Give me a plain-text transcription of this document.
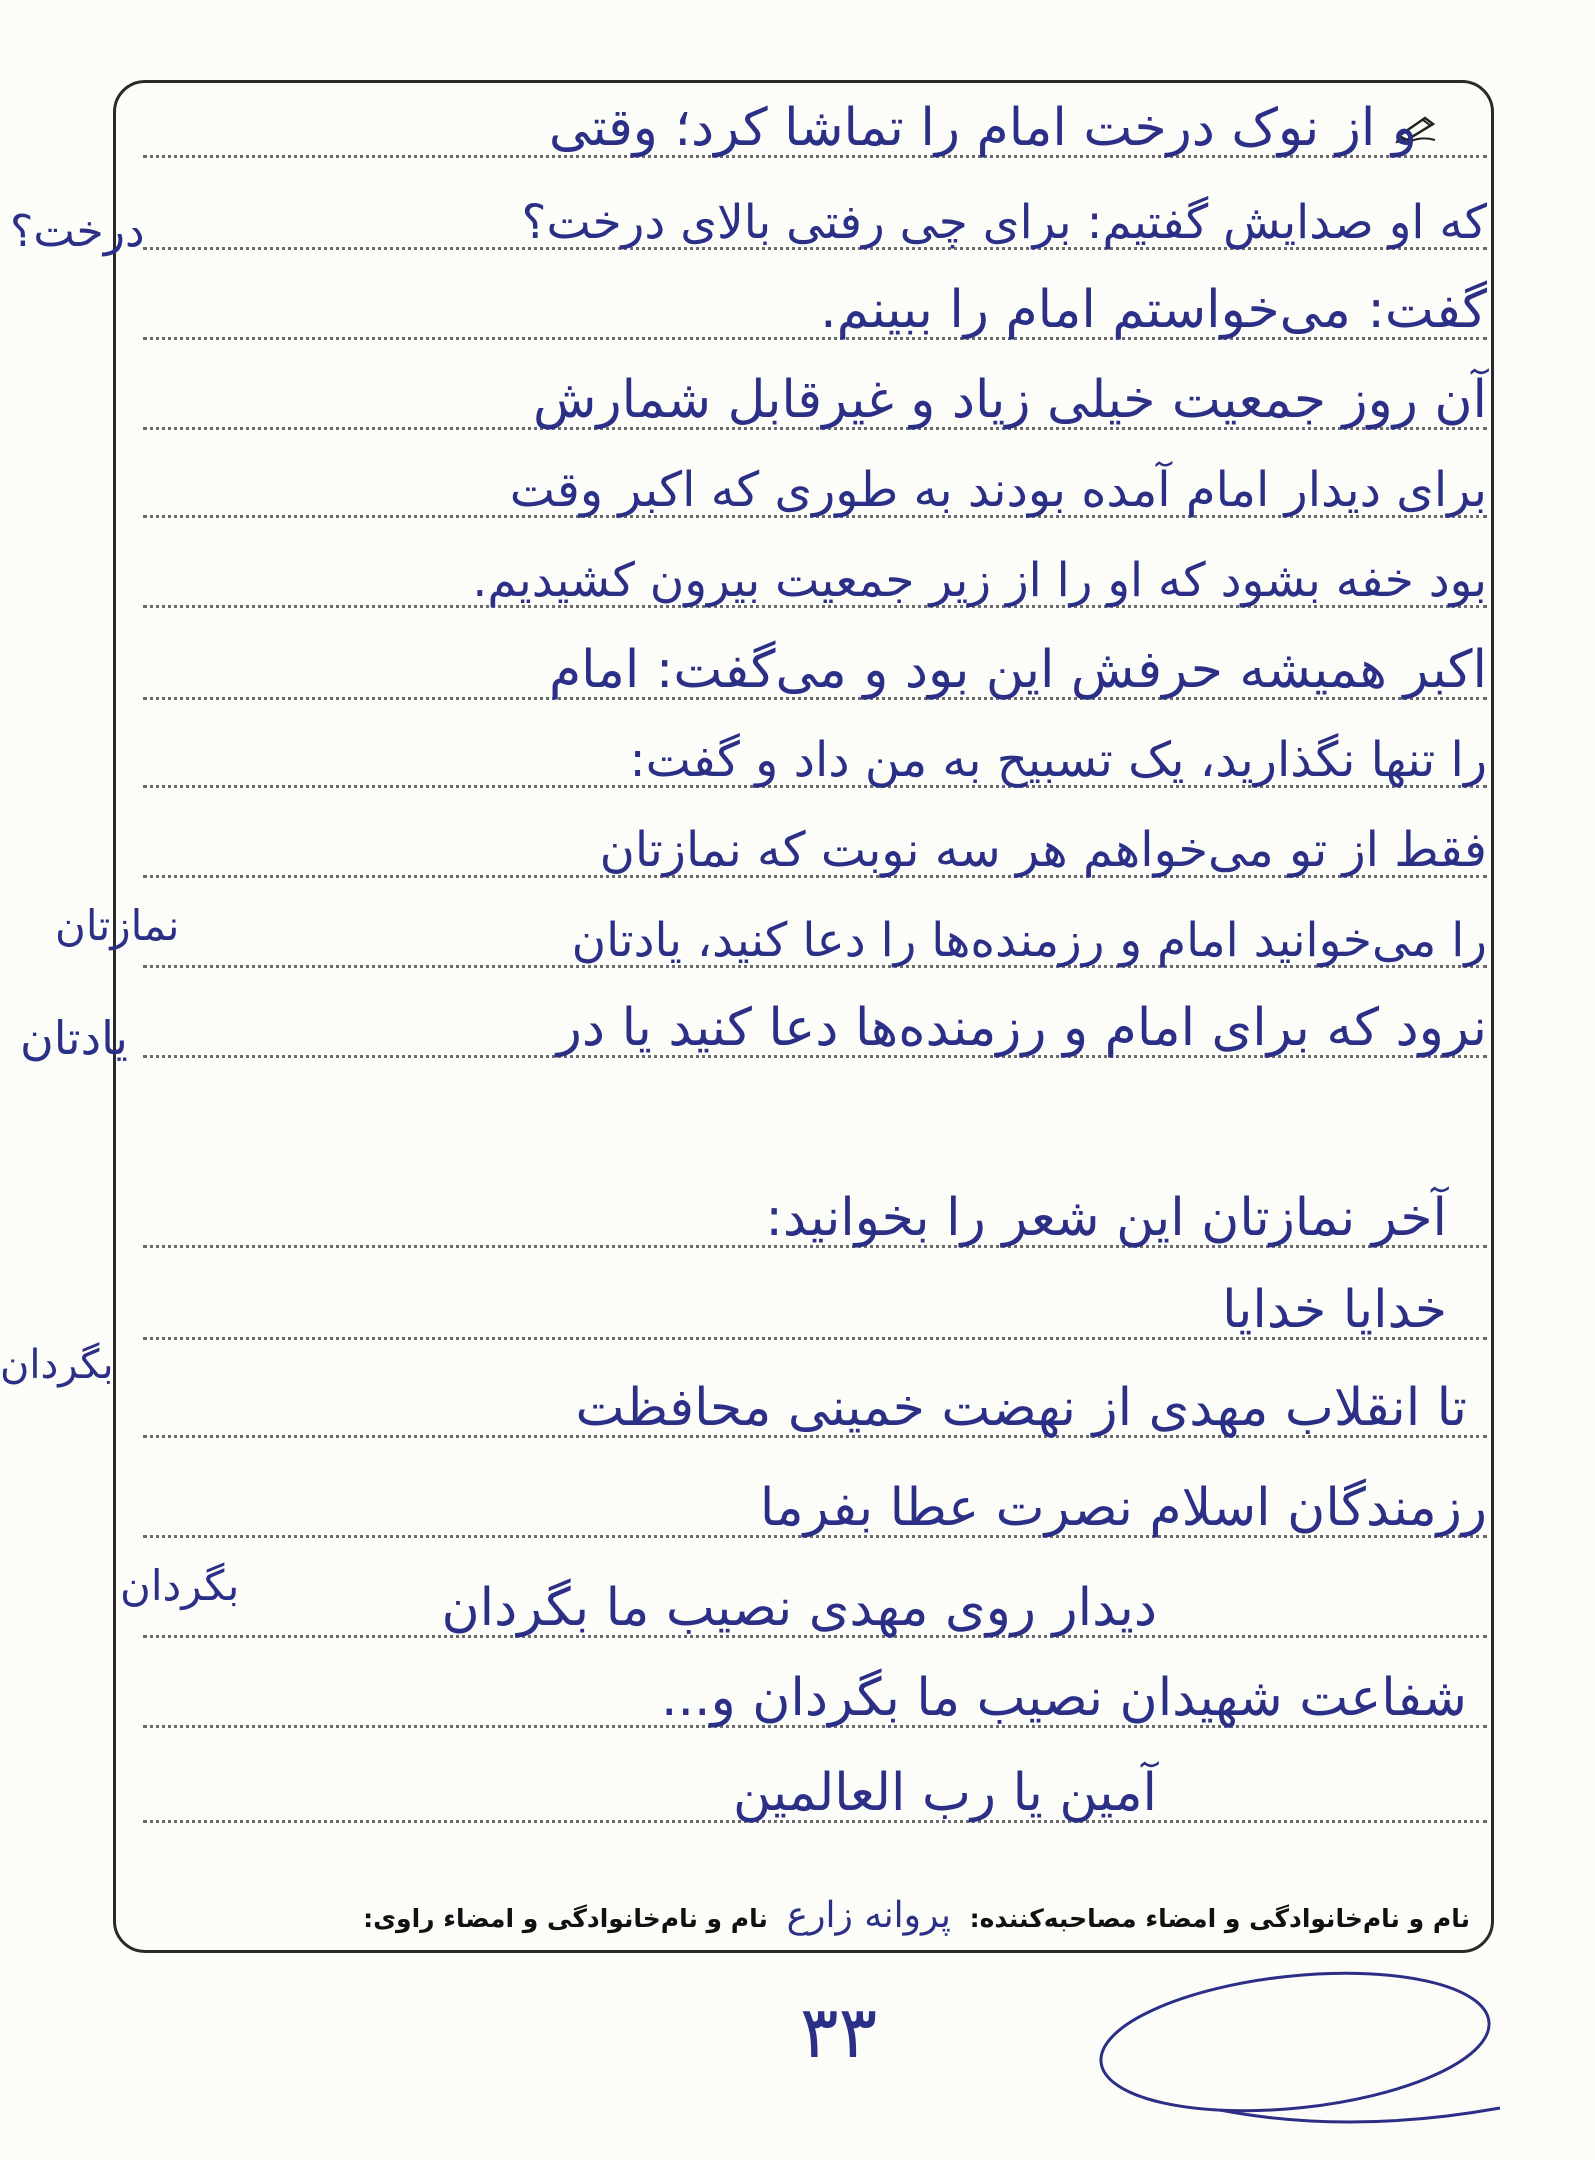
و از نوک درخت امام را تماشا کرد؛ وقتی
که او صدایش گفتیم: برای چی رفتی بالای درخت؟
گفت: می‌خواستم امام را ببینم.
آن روز جمعیت خیلی زیاد و غیرقابل شمارش
برای دیدار امام آمده بودند به طوری که اکبر وقت
بود خفه بشود که او را از زیر جمعیت بیرون کشیدیم.
اکبر همیشه حرفش این بود و می‌گفت: امام
را تنها نگذارید، یک تسبیح به من داد و گفت:
فقط از تو می‌خواهم هر سه نوبت که نمازتان
را می‌خوانید امام و رزمنده‌ها را دعا کنید، یادتان
نرود که برای امام و رزمنده‌ها دعا کنید یا در
آخر نمازتان این شعر را بخوانید:
خدایا خدایا
تا انقلاب مهدی از نهضت خمینی محافظت
رزمندگان اسلام نصرت عطا بفرما
دیدار روی مهدی نصیب ما بگردان
شفاعت شهیدان نصیب ما بگردان و...
آمین یا رب العالمین
درخت؟
نمازتان
یادتان
بگردان
بگردان
نام و نام‌خانوادگی و امضاء مصاحبه‌کننده: پروانه زارع نام و نام‌خانوادگی و امضاء راوی:
۳۳
